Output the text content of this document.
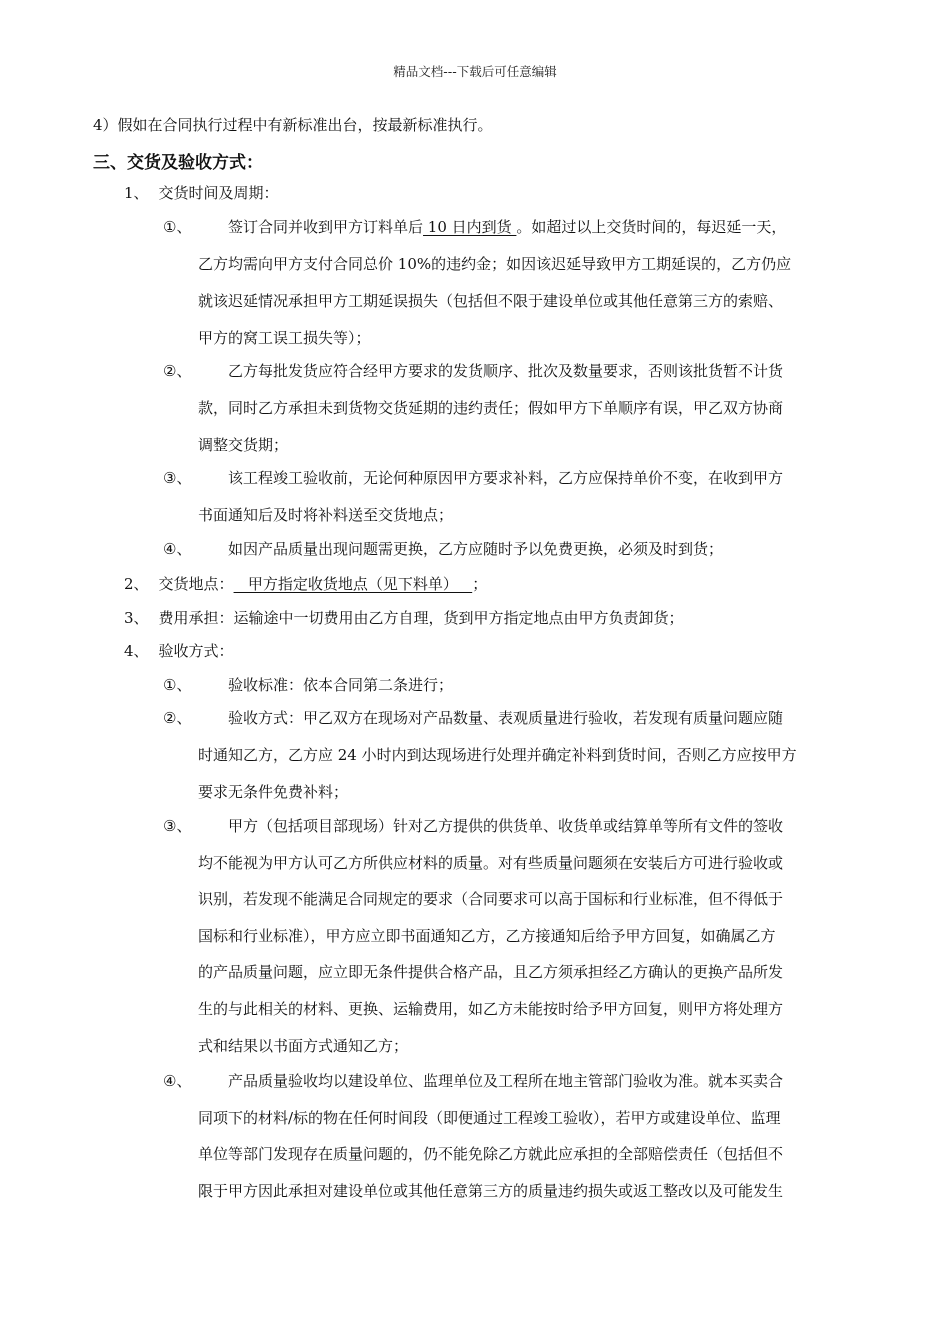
精品文档---下载后可任意编辑
4）假如在合同执行过程中有新标准出台，按最新标准执行。
三、交货及验收方式：
1、 交货时间及周期：
①、 签订合同并收到甲方订料单后 10 日内到货 。如超过以上交货时间的，每迟延一天，
乙方均需向甲方支付合同总价 10%的违约金；如因该迟延导致甲方工期延误的，乙方仍应
就该迟延情况承担甲方工期延误损失（包括但不限于建设单位或其他任意第三方的索赔、
甲方的窝工误工损失等）；
②、 乙方每批发货应符合经甲方要求的发货顺序、批次及数量要求，否则该批货暂不计货
款，同时乙方承担未到货物交货延期的违约责任；假如甲方下单顺序有误，甲乙双方协商
调整交货期；
③、 该工程竣工验收前，无论何种原因甲方要求补料，乙方应保持单价不变，在收到甲方
书面通知后及时将补料送至交货地点；
④、 如因产品质量出现问题需更换，乙方应随时予以免费更换，必须及时到货；
2、 交货地点：   甲方指定收货地点（见下料单）   ；
3、 费用承担：运输途中一切费用由乙方自理，货到甲方指定地点由甲方负责卸货；
4、 验收方式：
①、 验收标准：依本合同第二条进行；
②、 验收方式：甲乙双方在现场对产品数量、表观质量进行验收，若发现有质量问题应随
时通知乙方，乙方应 24 小时内到达现场进行处理并确定补料到货时间，否则乙方应按甲方
要求无条件免费补料；
③、 甲方（包括项目部现场）针对乙方提供的供货单、收货单或结算单等所有文件的签收
均不能视为甲方认可乙方所供应材料的质量。对有些质量问题须在安装后方可进行验收或
识别，若发现不能满足合同规定的要求（合同要求可以高于国标和行业标准，但不得低于
国标和行业标准），甲方应立即书面通知乙方，乙方接通知后给予甲方回复，如确属乙方
的产品质量问题，应立即无条件提供合格产品，且乙方须承担经乙方确认的更换产品所发
生的与此相关的材料、更换、运输费用，如乙方未能按时给予甲方回复，则甲方将处理方
式和结果以书面方式通知乙方；
④、 产品质量验收均以建设单位、监理单位及工程所在地主管部门验收为准。就本买卖合
同项下的材料/标的物在任何时间段（即便通过工程竣工验收），若甲方或建设单位、监理
单位等部门发现存在质量问题的，仍不能免除乙方就此应承担的全部赔偿责任（包括但不
限于甲方因此承担对建设单位或其他任意第三方的质量违约损失或返工整改以及可能发生
